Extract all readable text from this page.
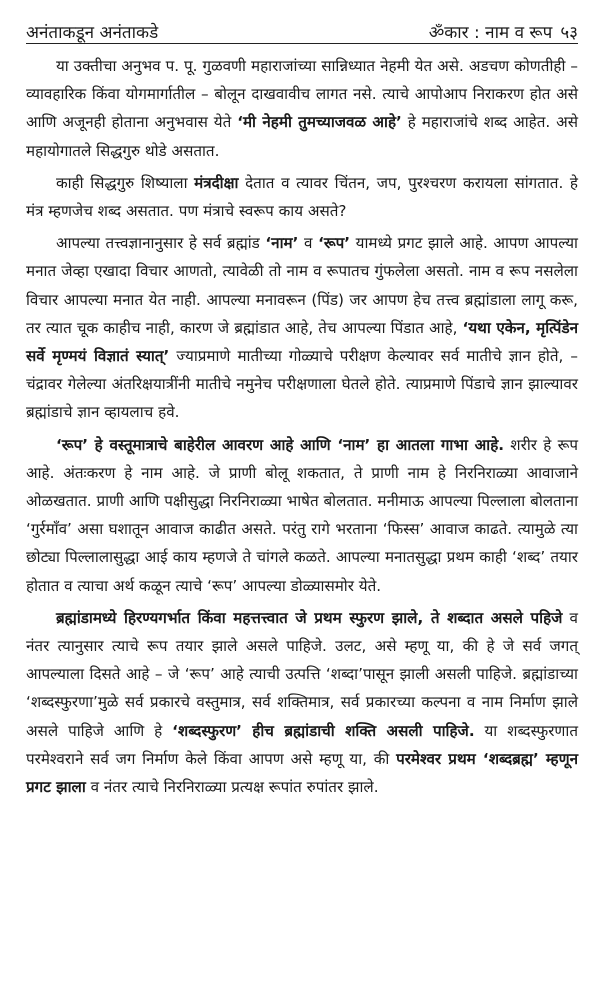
अनंताकडून अनंताकडे	ॐकार : नाम व रूप ५३

या उक्तीचा अनुभव प. पू. गुळवणी महाराजांच्या सान्निध्यात नेहमी येत असे. अडचण कोणतीही – व्यावहारिक किंवा योगमार्गातील – बोलून दाखवावीच लागत नसे. त्याचे आपोआप निराकरण होत असे आणि अजूनही होताना अनुभवास येते ‘मी नेहमी तुमच्याजवळ आहे’ हे महाराजांचे शब्द आहेत. असे महायोगातले सिद्धगुरु थोडे असतात.

काही सिद्धगुरु शिष्याला मंत्रदीक्षा देतात व त्यावर चिंतन, जप, पुरश्चरण करायला सांगतात. हे मंत्र म्हणजेच शब्द असतात. पण मंत्राचे स्वरूप काय असते?

आपल्या तत्त्वज्ञानानुसार हे सर्व ब्रह्मांड ‘नाम’ व ‘रूप’ यामध्ये प्रगट झाले आहे. आपण आपल्या मनात जेव्हा एखादा विचार आणतो, त्यावेळी तो नाम व रूपातच गुंफलेला असतो. नाम व रूप नसलेला विचार आपल्या मनात येत नाही. आपल्या मनावरून (पिंड) जर आपण हेच तत्त्व ब्रह्मांडाला लागू करू, तर त्यात चूक काहीच नाही, कारण जे ब्रह्मांडात आहे, तेच आपल्या पिंडात आहे, ‘यथा एकेन, मृत्पिंडेन सर्वे मृण्मयं विज्ञातं स्यात्’ ज्याप्रमाणे मातीच्या गोळ्याचे परीक्षण केल्यावर सर्व मातीचे ज्ञान होते, – चंद्रावर गेलेल्या अंतरिक्षयात्रींनी मातीचे नमुनेच परीक्षणाला घेतले होते. त्याप्रमाणे पिंडाचे ज्ञान झाल्यावर ब्रह्मांडाचे ज्ञान व्हायलाच हवे.

‘रूप’ हे वस्तूमात्राचे बाहेरील आवरण आहे आणि ‘नाम’ हा आतला गाभा आहे. शरीर हे रूप आहे. अंतःकरण हे नाम आहे. जे प्राणी बोलू शकतात, ते प्राणी नाम हे निरनिराळ्या आवाजाने ओळखतात. प्राणी आणि पक्षीसुद्धा निरनिराळ्या भाषेत बोलतात. मनीमाऊ आपल्या पिल्लाला बोलताना ‘गुर्रमाँव’ असा घशातून आवाज काढीत असते. परंतु रागे भरताना ‘फिस्स’ आवाज काढते. त्यामुळे त्या छोट्या पिल्लालासुद्धा आई काय म्हणजे ते चांगले कळते. आपल्या मनातसुद्धा प्रथम काही ‘शब्द’ तयार होतात व त्याचा अर्थ कळून त्याचे ‘रूप’ आपल्या डोळ्यासमोर येते.

ब्रह्मांडामध्ये हिरण्यगर्भात किंवा महत्तत्त्वात जे प्रथम स्फुरण झाले, ते शब्दात असले पहिजे व नंतर त्यानुसार त्याचे रूप तयार झाले असले पाहिजे. उलट, असे म्हणू या, की हे जे सर्व जगत् आपल्याला दिसते आहे – जे ‘रूप’ आहे त्याची उत्पत्ति ‘शब्दा’पासून झाली असली पाहिजे. ब्रह्मांडाच्या ‘शब्दस्फुरणा’मुळे सर्व प्रकारचे वस्तुमात्र, सर्व शक्तिमात्र, सर्व प्रकारच्या कल्पना व नाम निर्माण झाले असले पाहिजे आणि हे ‘शब्दस्फुरण’ हीच ब्रह्मांडाची शक्ति असली पाहिजे. या शब्दस्फुरणात परमेश्वराने सर्व जग निर्माण केले किंवा आपण असे म्हणू या, की परमेश्वर प्रथम ‘शब्दब्रह्म’ म्हणून प्रगट झाला व नंतर त्याचे निरनिराळ्या प्रत्यक्ष रूपांत रुपांतर झाले.
